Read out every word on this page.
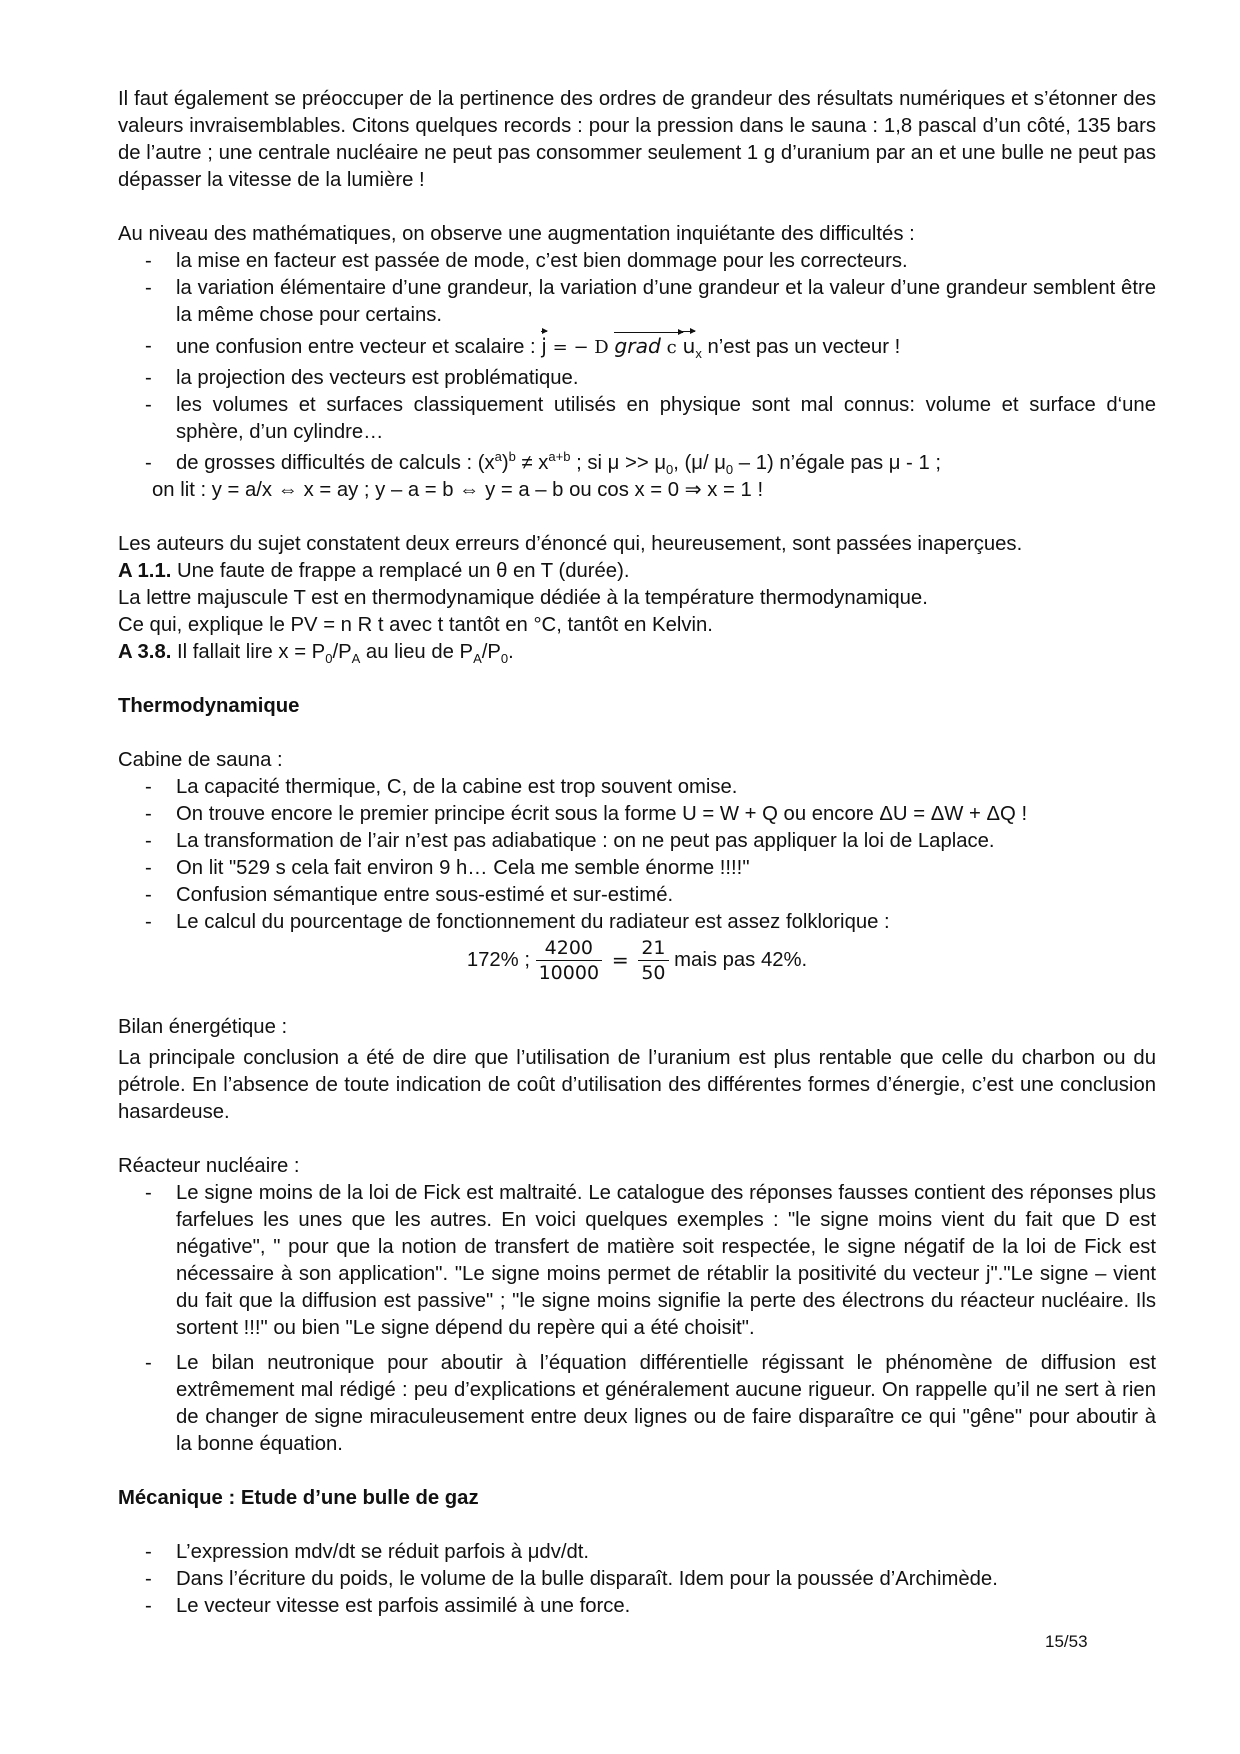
Il faut également se préoccuper de la pertinence des ordres de grandeur des résultats numériques et s’étonner des valeurs invraisemblables. Citons quelques records : pour la pression dans le sauna : 1,8 pascal d’un côté, 135 bars de l’autre ; une centrale nucléaire ne peut pas consommer seulement 1 g d’uranium par an et une bulle ne peut pas dépasser la vitesse de la lumière !

Au niveau des mathématiques, on observe une augmentation inquiétante des difficultés :

- la mise en facteur est passée de mode, c’est bien dommage pour les correcteurs.
- la variation élémentaire d’une grandeur, la variation d’une grandeur et la valeur d’une grandeur semblent être la même chose pour certains.
- une confusion entre vecteur et scalaire : j = − D grad c $u_x$ n’est pas un vecteur !
- la projection des vecteurs est problématique.
- les volumes et surfaces classiquement utilisés en physique sont mal connus: volume et surface d‘une sphère, d’un cylindre…
- de grosses difficultés de calculs : $(x^a)^b \ne x^{a+b}$ ; si $\mu >> \mu_0$, (μ/ $\mu_0 - 1$) n’égale pas μ - 1 ;

on lit : y = a/x ⇔ x = ay ; y – a = b ⇔ y = a – b ou cos x = 0 ⇒ x = 1 !

Les auteurs du sujet constatent deux erreurs d’énoncé qui, heureusement, sont passées inaperçues.

A 1.1. Une faute de frappe a remplacé un θ en T (durée).

La lettre majuscule T est en thermodynamique dédiée à la température thermodynamique.

Ce qui, explique le PV = n R t avec t tantôt en °C, tantôt en Kelvin.

A 3.8. Il fallait lire $x = P_0/P_A$ au lieu de $P_A/P_0$.

Thermodynamique

Cabine de sauna :

- La capacité thermique, C, de la cabine est trop souvent omise.
- On trouve encore le premier principe écrit sous la forme U = W + Q ou encore ΔU = ΔW + ΔQ !
- La transformation de l’air n’est pas adiabatique : on ne peut pas appliquer la loi de Laplace.
- On lit "529 s cela fait environ 9 h… Cela me semble énorme !!!!"
- Confusion sémantique entre sous-estimé et sur-estimé.
- Le calcul du pourcentage de fonctionnement du radiateur est assez folklorique :
172% ; $\frac{4200}{10000} = \frac{21}{50}$ mais pas 42%.

Bilan énergétique :

La principale conclusion a été de dire que l’utilisation de l’uranium est plus rentable que celle du charbon ou du pétrole. En l’absence de toute indication de coût d’utilisation des différentes formes d’énergie, c’est une conclusion hasardeuse.

Réacteur nucléaire :

- Le signe moins de la loi de Fick est maltraité. Le catalogue des réponses fausses contient des réponses plus farfelues les unes que les autres. En voici quelques exemples : "le signe moins vient du fait que D est négative", " pour que la notion de transfert de matière soit respectée, le signe négatif de la loi de Fick est nécessaire à son application". "Le signe moins permet de rétablir la positivité du vecteur j"."Le signe – vient du fait que la diffusion est passive" ; "le signe moins signifie la perte des électrons du réacteur nucléaire. Ils sortent !!!" ou bien "Le signe dépend du repère qui a été choisit".
- Le bilan neutronique pour aboutir à l’équation différentielle régissant le phénomène de diffusion est extrêmement mal rédigé : peu d’explications et généralement aucune rigueur. On rappelle qu’il ne sert à rien de changer de signe miraculeusement entre deux lignes ou de faire disparaître ce qui "gêne" pour aboutir à la bonne équation.

Mécanique : Etude d’une bulle de gaz

- L’expression mdv/dt se réduit parfois à μdv/dt.
- Dans l’écriture du poids, le volume de la bulle disparaît. Idem pour la poussée d’Archimède.
- Le vecteur vitesse est parfois assimilé à une force.
15/53
